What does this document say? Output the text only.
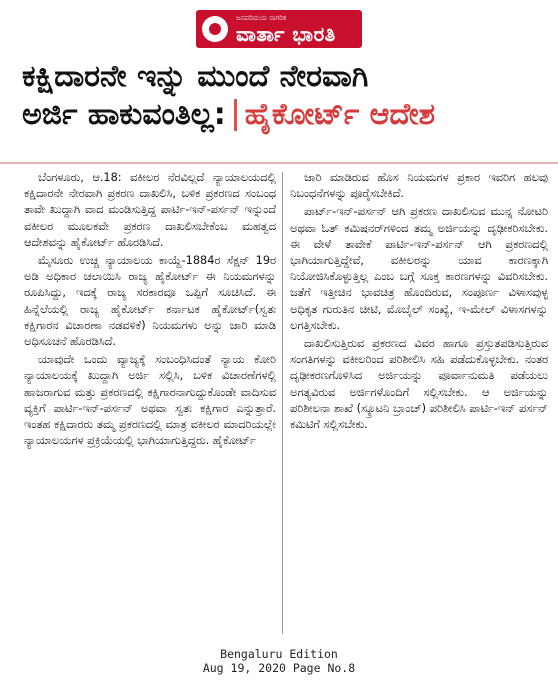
ಜನಪರಿಮಯ ನಾಗರಿಕ
ವಾರ್ತಾ ಭಾರತಿ
ಕಕ್ಷಿದಾರನೇ ಇನ್ನು ಮುಂದೆ ನೇರವಾಗಿ
ಅರ್ಜಿ ಹಾಕುವಂತಿಲ್ಲ: ಹೈಕೋರ್ಟ್ ಆದೇಶ

ಬೆಂಗಳೂರು, ಆ.18: ವಕೀಲರ ನೆರವಿಲ್ಲದೆ ನ್ಯಾಯಾಲಯದಲ್ಲಿ ಕಕ್ಷಿದಾರನೇ ನೇರವಾಗಿ ಪ್ರಕರಣ ದಾಖಲಿಸಿ, ಬಳಿಕ ಪ್ರಕರಣದ ಸಂಬಂಧ ತಾವೇ ಖುದ್ದಾಗಿ ವಾದ ಮಂಡಿಸುತ್ತಿದ್ದ ಪಾರ್ಟಿ-ಇನ್-ಪರ್ಸನ್ ಇನ್ನುಂದೆ ವಕೀಲರ ಮೂಲಕವೇ ಪ್ರಕರಣ ದಾಖಲಿಸಬೇಕೆಂಬ ಮಹತ್ವದ ಆದೇಶವನ್ನು ಹೈಕೋರ್ಟ್ ಹೊರಡಿಸಿದೆ.

ಮೈಸೂರು ಉಚ್ಚ ನ್ಯಾಯಾಲಯ ಕಾಯ್ದೆ-1884ರ ಸೆಕ್ಷನ್ 19ರ ಅಡಿ ಅಧಿಕಾರ ಚಲಾಯಿಸಿ ರಾಜ್ಯ ಹೈಕೋರ್ಟ್ ಈ ನಿಯಮಗಳನ್ನು ರೂಪಿಸಿದ್ದು, ಇದಕ್ಕೆ ರಾಜ್ಯ ಸರಕಾರವೂ ಒಪ್ಪಿಗೆ ಸೂಚಿಸಿದೆ. ಈ ಹಿನ್ನೆಲೆಯಲ್ಲಿ ರಾಜ್ಯ ಹೈಕೋರ್ಟ್ ಕರ್ನಾಟಕ ಹೈಕೋರ್ಟ್(ಸ್ವತಃ ಕಕ್ಷಿಗಾರನ ವಿಚಾರಣಾ ನಡವಳಿಕೆ) ನಿಯಮಗಳು ಅನ್ನು ಜಾರಿ ಮಾಡಿ ಅಧಿಸೂಚನೆ ಹೊರಡಿಸಿದೆ.

ಯಾವುದೇ ಒಂದು ವ್ಯಾಜ್ಯಕ್ಕೆ ಸಂಬಂಧಿಸಿದಂತೆ ನ್ಯಾಯ ಕೋರಿ ನ್ಯಾಯಾಲಯಕ್ಕೆ ಖುದ್ದಾಗಿ ಅರ್ಜಿ ಸಲ್ಲಿಸಿ, ಬಳಿಕ ವಿಚಾರಣೆಗಳಲ್ಲಿ ಹಾಜರಾಗುವ ಮತ್ತು ಪ್ರಕರಣದಲ್ಲಿ ಕಕ್ಷಿಗಾರನಾಗುದ್ದುಕೊಂಡೇ ವಾದಿಸುವ ವ್ಯಕ್ತಿಗೆ ಪಾರ್ಟಿ-ಇನ್-ಪರ್ಸನ್ ಅಥವಾ ಸ್ವತಃ ಕಕ್ಷಿಗಾರ ಎನ್ನುತ್ತಾರೆ. ಇಂತಹ ಕಕ್ಷಿದಾರರು ತಮ್ಮ ಪ್ರಕರಣದಲ್ಲಿ ಮಾತ್ರ ವಕೀಲರ ಮಾದರಿಯಲ್ಲೇ ನ್ಯಾಯಾಲಯಗಳ ಪ್ರಕ್ರಿಯೆಯಲ್ಲಿ ಭಾಗಿಯಾಗುತ್ತಿದ್ದರು. ಹೈಕೋರ್ಟ್

ಜಾರಿ ಮಾಡಿರುವ ಹೊಸ ನಿಯಮಗಳ ಪ್ರಕಾರ ಇವರಿಗ ಹಲವು ನಿಬಂಧನೆಗಳನ್ನು ಪೂರೈಸಬೇಕಿದೆ.

ಪಾರ್ಟ್-ಇನ್-ಪರ್ಸನ್ ಆಗಿ ಪ್ರಕರಣ ದಾಖಲಿಸುವ ಮುನ್ನ ನೋಟರಿ ಅಥವಾ ಓತ್ ಕಮಿಷನರ್‌ಗಳಿಂದ ತಮ್ಮ ಅರ್ಜಿಯನ್ನು ದೃಢೀಕರಿಸಬೇಕು. ಈ ವೇಳೆ ತಾವೇಕೆ ಪಾರ್ಟಿ-ಇನ್-ಪರ್ಸನ್ ಆಗಿ ಪ್ರಕರಣದಲ್ಲಿ ಭಾಗಿಯಾಗುತ್ತಿದ್ದೇವೆ, ವಕೀಲರನ್ನು ಯಾವ ಕಾರಣಕ್ಕಾಗಿ ನಿಯೋಜಿಸಿಕೊಳ್ಳುತ್ತಿಲ್ಲ ಎಂಬ ಬಗ್ಗೆ ಸೂಕ್ತ ಕಾರಣಗಳನ್ನು ವಿವರಿಸಬೇಕು. ಜತೆಗೆ ಇತ್ತೀಚಿನ ಭಾವಚಿತ್ರ ಹೊಂದಿರುವ, ಸಂಪೂರ್ಣ ವಿಳಾಸವುಳ್ಳ ಅಧಿಕೃತ ಗುರುತಿನ ಚೀಟಿ, ಮೊಬೈಲ್ ಸಂಖ್ಯೆ, ಇ-ಮೇಲ್ ವಿಳಾಸಗಳನ್ನು ಲಗತ್ತಿಸಬೇಕು.

ದಾಖಲಿಸುತ್ತಿರುವ ಪ್ರಕರಣದ ವಿವರ ಹಾಗೂ ಪ್ರಸ್ತುತಪಡಿಸುತ್ತಿರುವ ಸಂಗತಿಗಳನ್ನು ವಕೀಲರಿಂದ ಪರಿಶೀಲಿಸಿ ಸಹಿ ಪಡೆದುಕೊಳ್ಳಬೇಕು. ನಂತರ ದೃಢೀಕರಣಗೊಳಿಸಿದ ಅರ್ಜಿಯನ್ನು ಪೂರ್ವಾನುಮತಿ ಪಡೆಯಲು ಅಗತ್ಯವಿರುವ ಅರ್ಜಿಗಳೊಂದಿಗೆ ಸಲ್ಲಿಸಬೇಕು. ಆ ಅರ್ಜಿಯನ್ನು ಪರಿಶೀಲನಾ ಶಾಖೆ (ಸ್ಕ್ರೂಟನಿ ಬ್ರಾಂಚ್) ಪರಿಶೀಲಿಸಿ ಪಾರ್ಟಿ-ಇನ್ ಪರ್ಸನ್ ಕಮಿಟಿಗೆ ಸಲ್ಲಿಸಬೇಕು.

Bengaluru Edition
Aug 19, 2020 Page No.8
